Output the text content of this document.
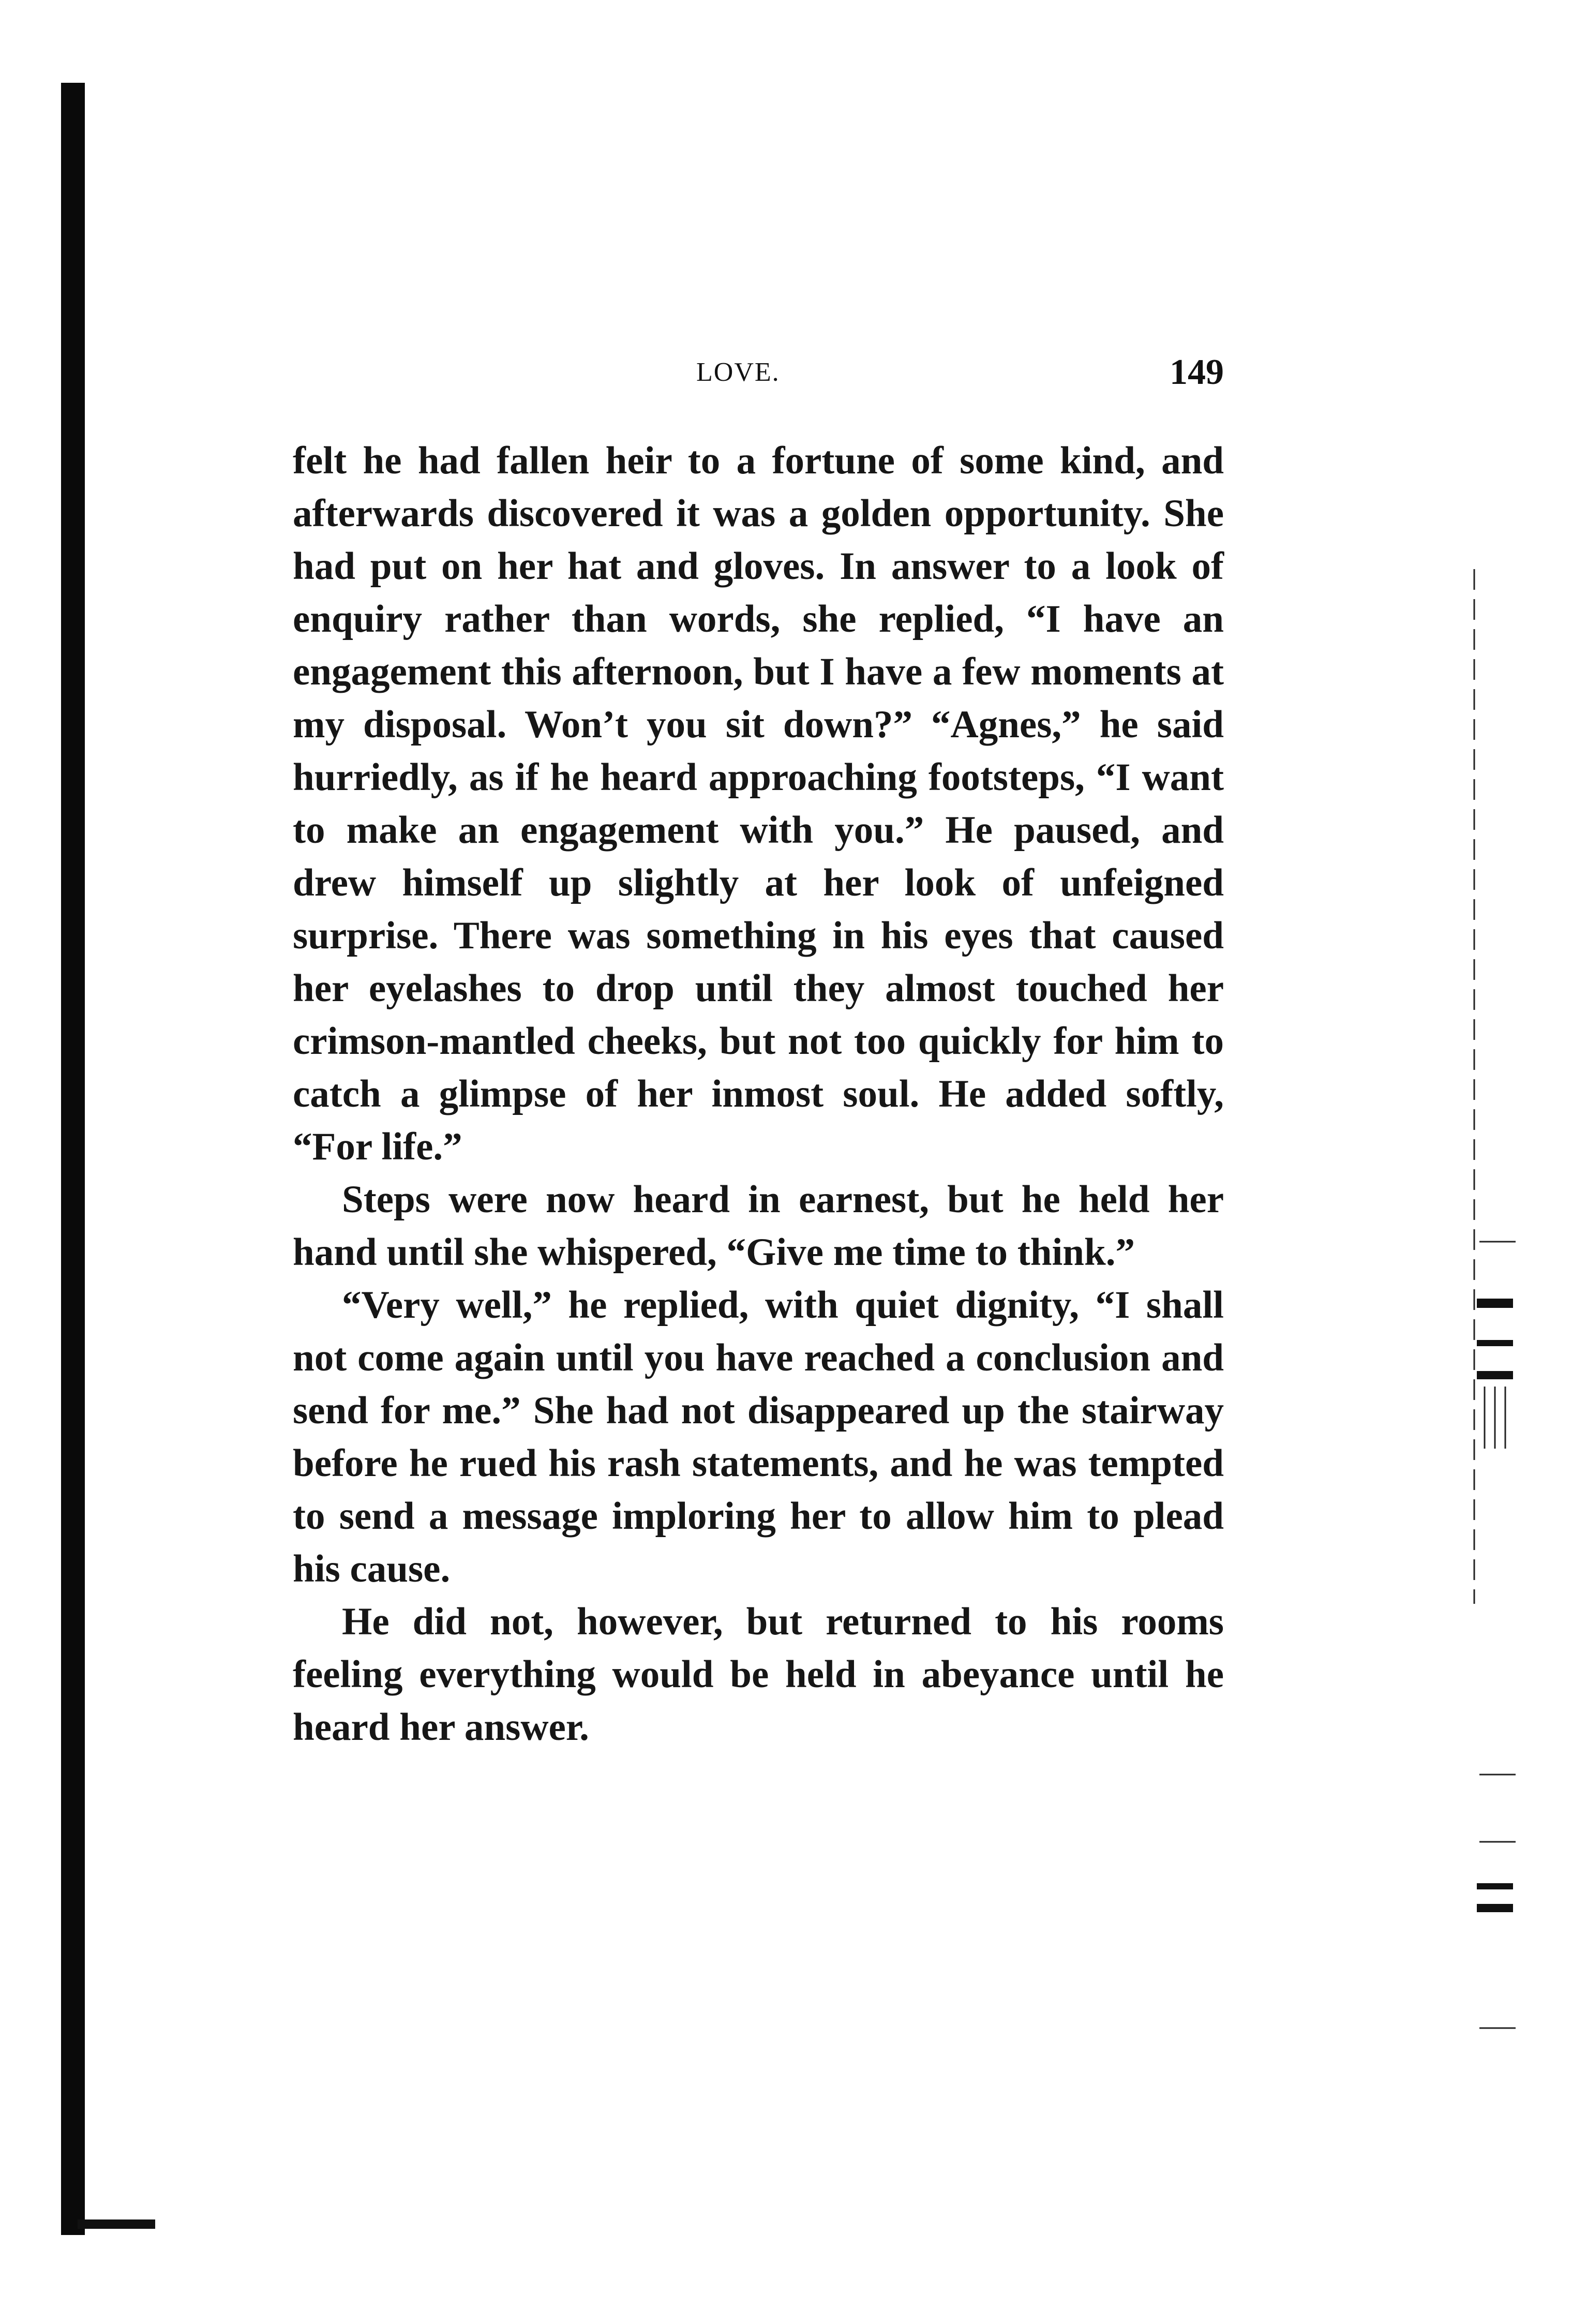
LOVE.	149

felt he had fallen heir to a fortune of some kind, and afterwards discovered it was a golden opportunity. She had put on her hat and gloves. In answer to a look of enquiry rather than words, she replied, “I have an engagement this afternoon, but I have a few moments at my disposal. Won’t you sit down?” “Agnes,” he said hurriedly, as if he heard approaching footsteps, “I want to make an engagement with you.” He paused, and drew himself up slightly at her look of unfeigned surprise. There was something in his eyes that caused her eyelashes to drop until they almost touched her crimson-mantled cheeks, but not too quickly for him to catch a glimpse of her inmost soul. He added softly, “For life.”

Steps were now heard in earnest, but he held her hand until she whispered, “Give me time to think.”

“Very well,” he replied, with quiet dignity, “I shall not come again until you have reached a conclusion and send for me.” She had not disappeared up the stairway before he rued his rash statements, and he was tempted to send a message imploring her to allow him to plead his cause.

He did not, however, but returned to his rooms feeling everything would be held in abeyance until he heard her answer.
